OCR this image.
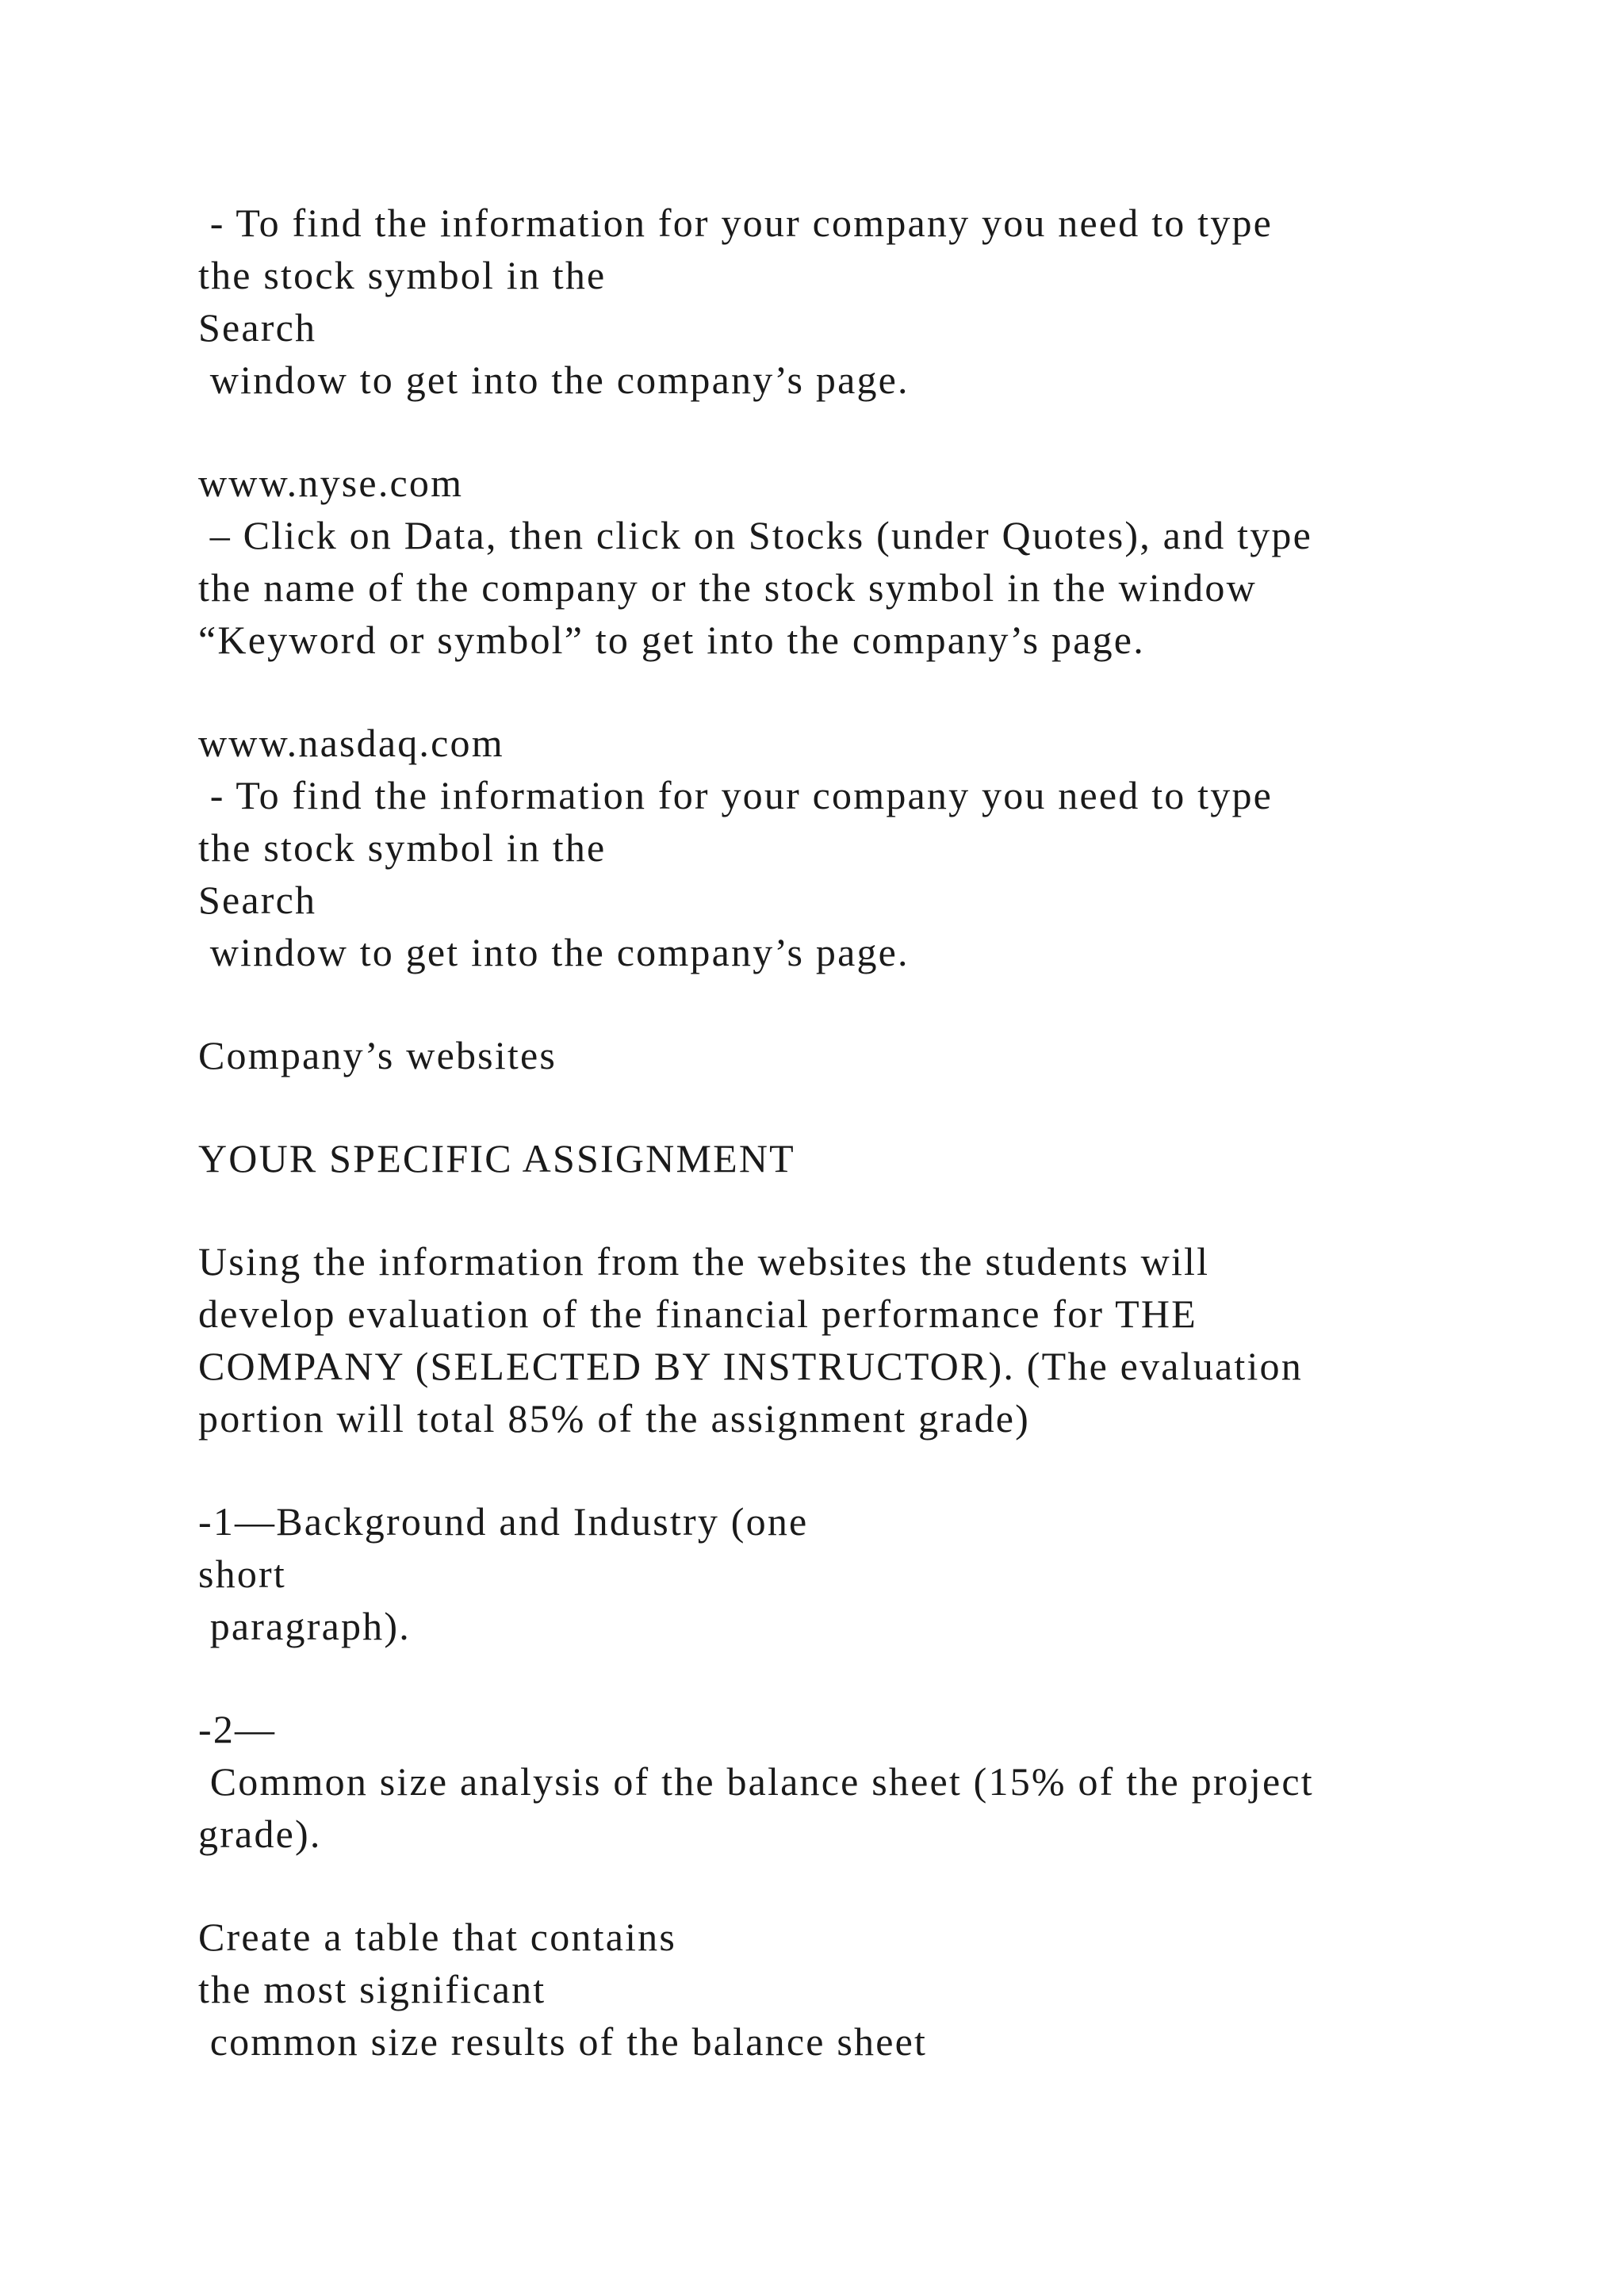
- To find the information for your company you need to type
the stock symbol in the
Search
window to get into the company’s page.

www.nyse.com
– Click on Data, then click on Stocks (under Quotes), and type
the name of the company or the stock symbol in the window
“Keyword or symbol” to get into the company’s page.

www.nasdaq.com
- To find the information for your company you need to type
the stock symbol in the
Search
window to get into the company’s page.

Company’s websites

YOUR SPECIFIC ASSIGNMENT

Using the information from the websites the students will
develop evaluation of the financial performance for THE
COMPANY (SELECTED BY INSTRUCTOR). (The evaluation
portion will total 85% of the assignment grade)

-1—Background and Industry (one
short
paragraph).

-2—
Common size analysis of the balance sheet (15% of the project
grade).

Create a table that contains
the most significant
common size results of the balance sheet
